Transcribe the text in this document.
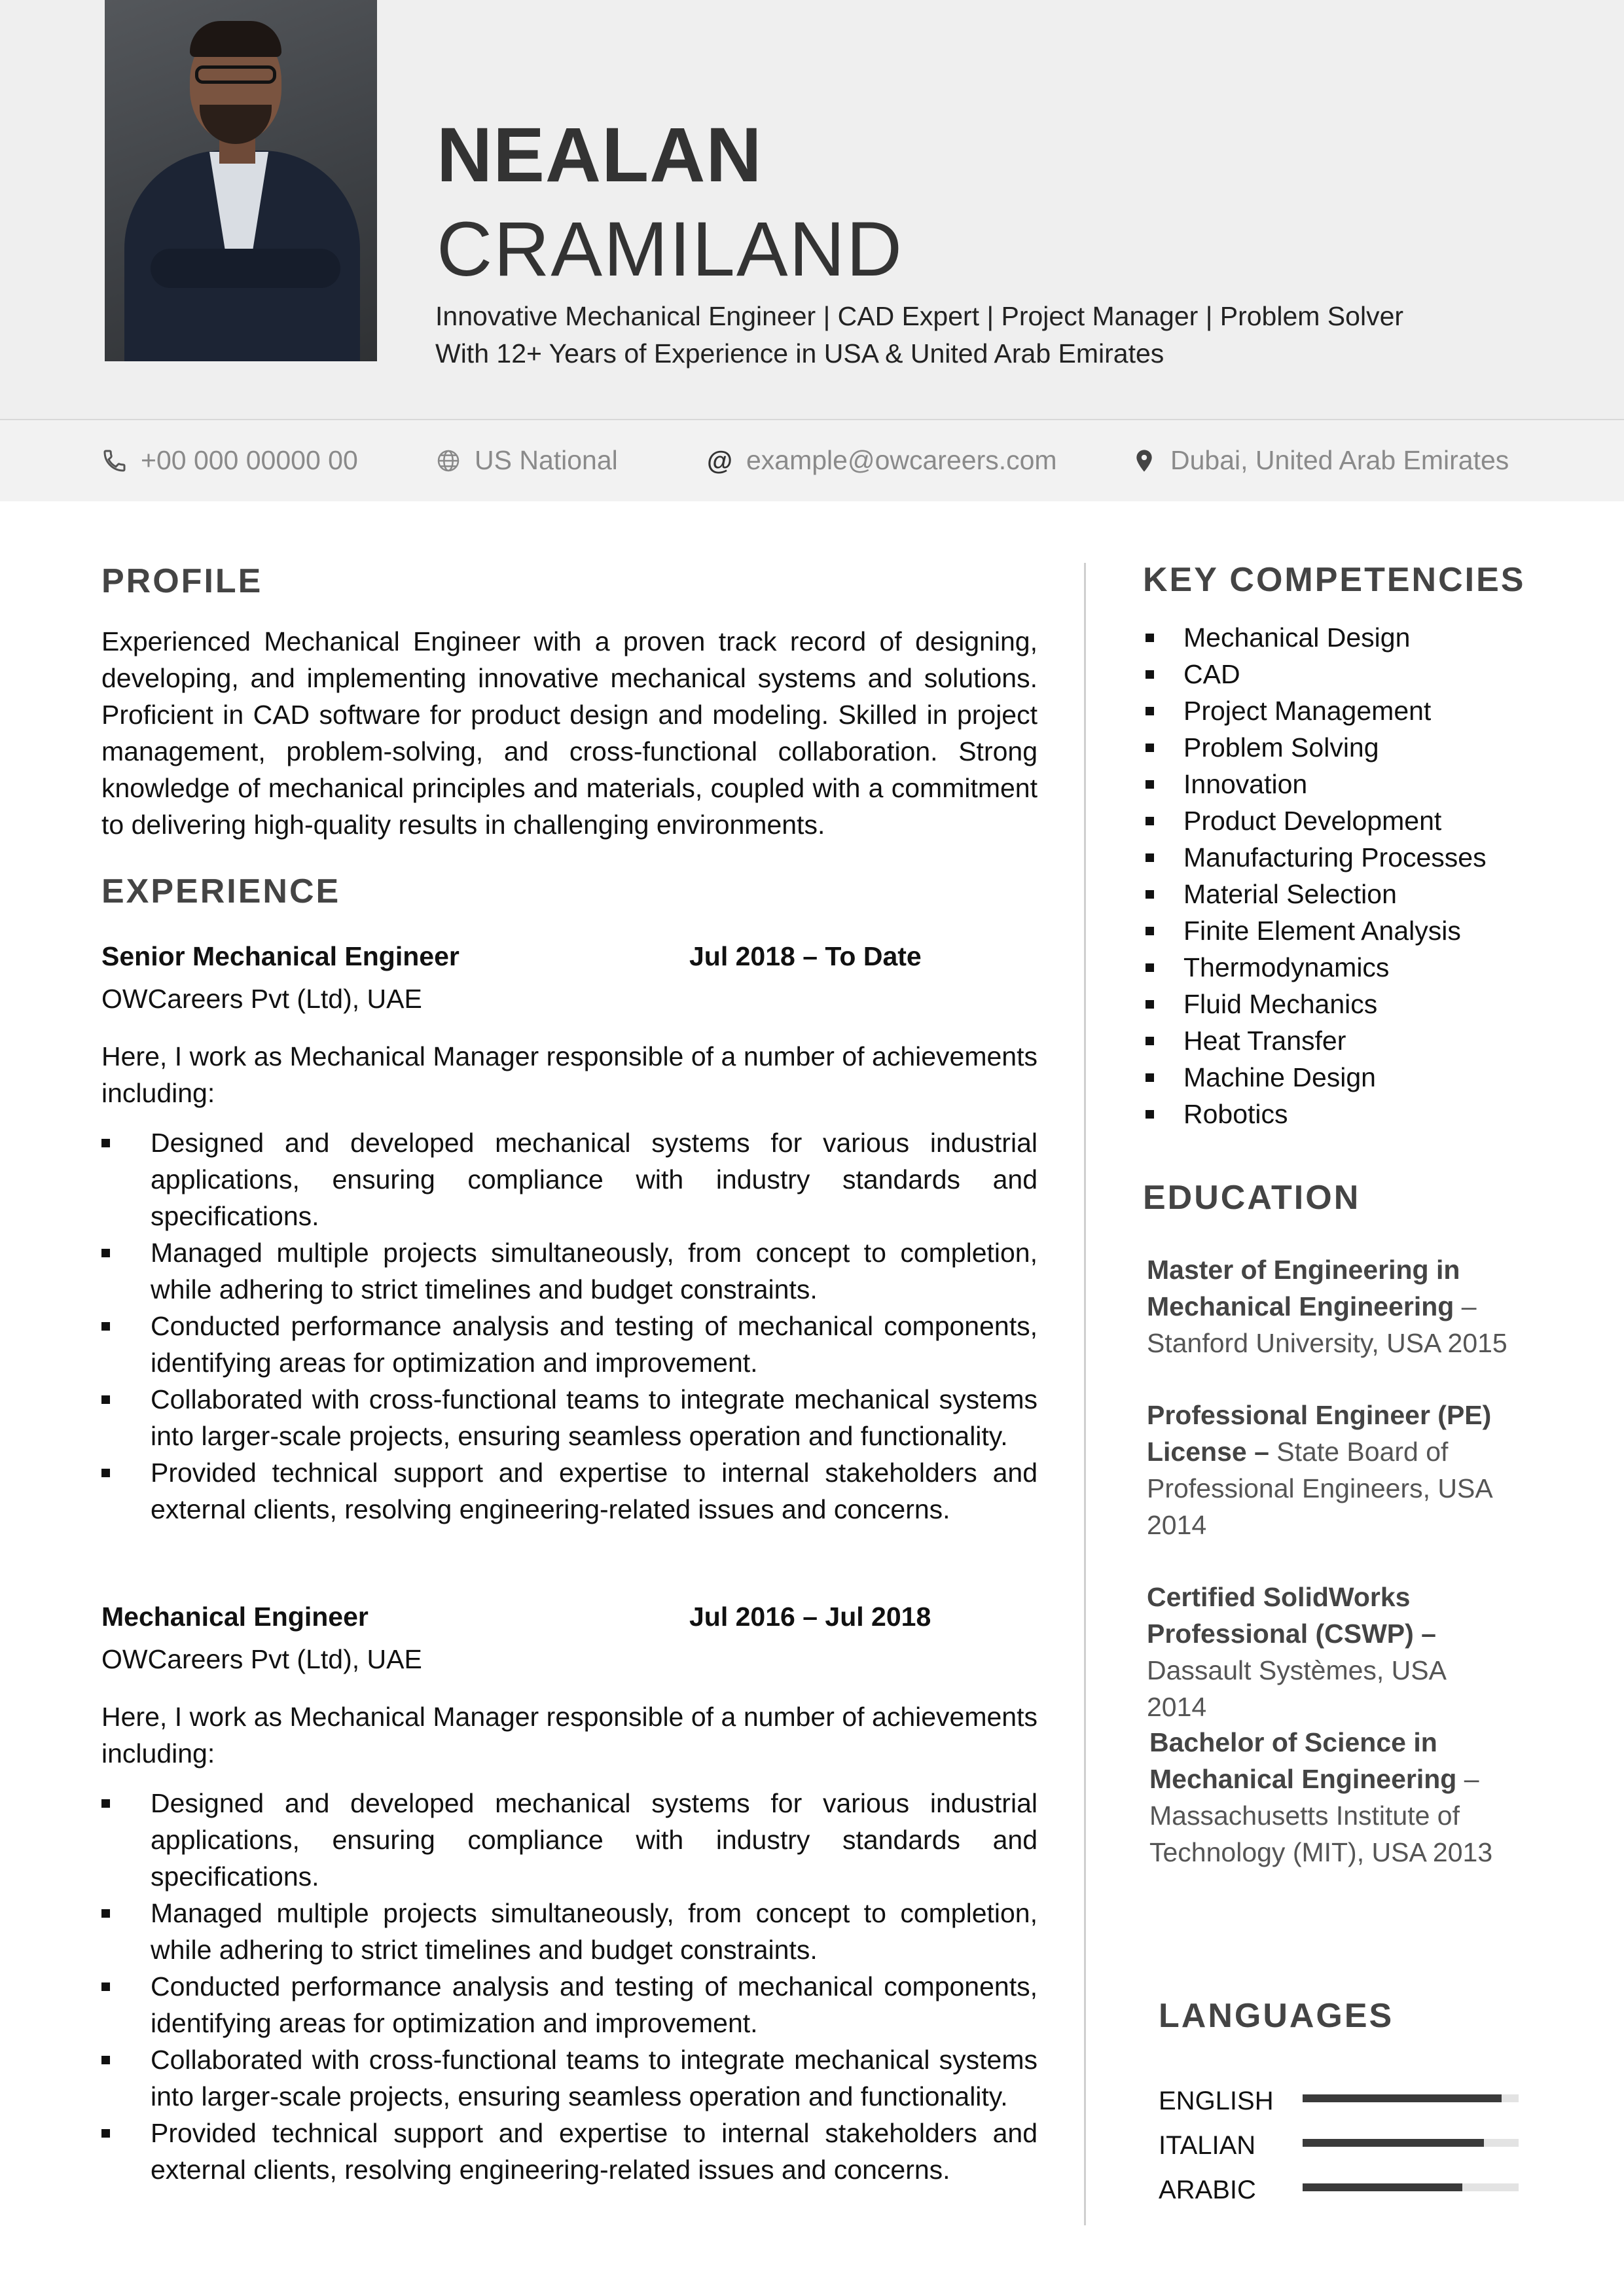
NEALAN
CRAMILAND
Innovative Mechanical Engineer | CAD Expert | Project Manager | Problem Solver
With 12+ Years of Experience in USA & United Arab Emirates
+00 000 00000 00	US National	@ example@owcareers.com	Dubai, United Arab Emirates
PROFILE
Experienced Mechanical Engineer with a proven track record of designing, developing, and implementing innovative mechanical systems and solutions. Proficient in CAD software for product design and modeling. Skilled in project management, problem-solving, and cross-functional collaboration. Strong knowledge of mechanical principles and materials, coupled with a commitment to delivering high-quality results in challenging environments.
EXPERIENCE
Senior Mechanical Engineer	Jul 2018 – To Date
OWCareers Pvt (Ltd), UAE
Here, I work as Mechanical Manager responsible of a number of achievements including:
Designed and developed mechanical systems for various industrial applications, ensuring compliance with industry standards and specifications.
Managed multiple projects simultaneously, from concept to completion, while adhering to strict timelines and budget constraints.
Conducted performance analysis and testing of mechanical components, identifying areas for optimization and improvement.
Collaborated with cross-functional teams to integrate mechanical systems into larger-scale projects, ensuring seamless operation and functionality.
Provided technical support and expertise to internal stakeholders and external clients, resolving engineering-related issues and concerns.
Mechanical Engineer	Jul 2016 – Jul 2018
OWCareers Pvt (Ltd), UAE
Here, I work as Mechanical Manager responsible of a number of achievements including:
Designed and developed mechanical systems for various industrial applications, ensuring compliance with industry standards and specifications.
Managed multiple projects simultaneously, from concept to completion, while adhering to strict timelines and budget constraints.
Conducted performance analysis and testing of mechanical components, identifying areas for optimization and improvement.
Collaborated with cross-functional teams to integrate mechanical systems into larger-scale projects, ensuring seamless operation and functionality.
Provided technical support and expertise to internal stakeholders and external clients, resolving engineering-related issues and concerns.
KEY COMPETENCIES
Mechanical Design
CAD
Project Management
Problem Solving
Innovation
Product Development
Manufacturing Processes
Material Selection
Finite Element Analysis
Thermodynamics
Fluid Mechanics
Heat Transfer
Machine Design
Robotics
EDUCATION
Master of Engineering in Mechanical Engineering – Stanford University, USA 2015
Professional Engineer (PE) License – State Board of Professional Engineers, USA 2014
Certified SolidWorks Professional (CSWP) – Dassault Systèmes, USA 2014
Bachelor of Science in Mechanical Engineering – Massachusetts Institute of Technology (MIT), USA 2013
LANGUAGES
ENGLISH
ITALIAN
ARABIC
